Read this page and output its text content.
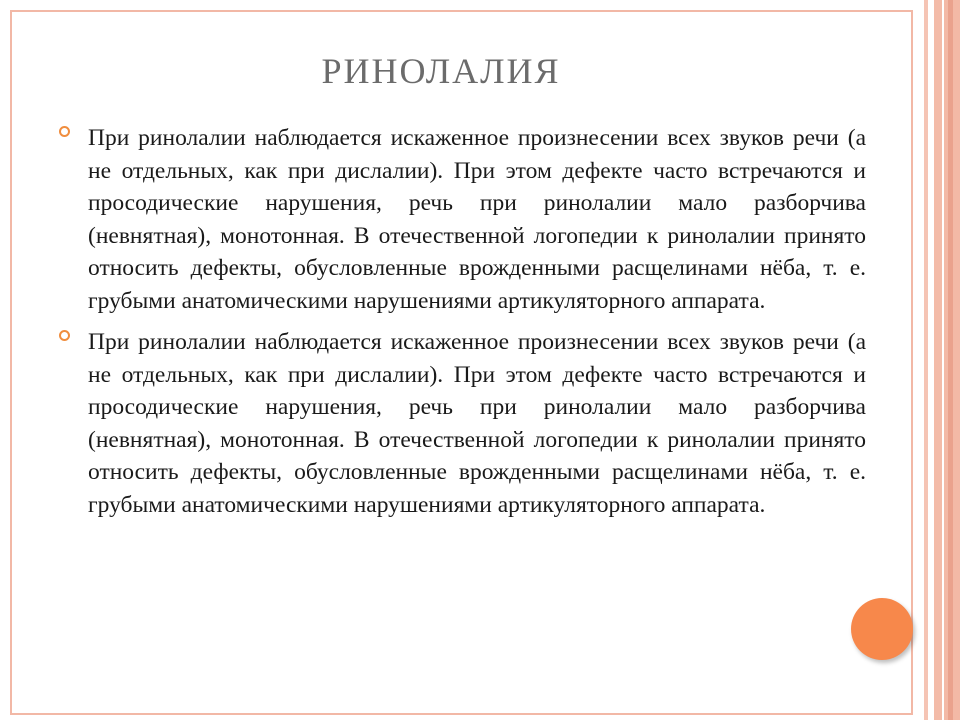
РИНОЛАЛИЯ
При ринолалии наблюдается искаженное произнесении всех звуков речи (а не отдельных, как при дислалии). При этом дефекте часто встречаются и просодические нарушения, речь при ринолалии мало разборчива (невнятная), монотонная. В отечественной логопедии к ринолалии принято относить дефекты, обусловленные врожденными расщелинами нёба, т. е. грубыми анатомическими нарушениями артикуляторного аппарата.
При ринолалии наблюдается искаженное произнесении всех звуков речи (а не отдельных, как при дислалии). При этом дефекте часто встречаются и просодические нарушения, речь при ринолалии мало разборчива (невнятная), монотонная. В отечественной логопедии к ринолалии принято относить дефекты, обусловленные врожденными расщелинами нёба, т. е. грубыми анатомическими нарушениями артикуляторного аппарата.
